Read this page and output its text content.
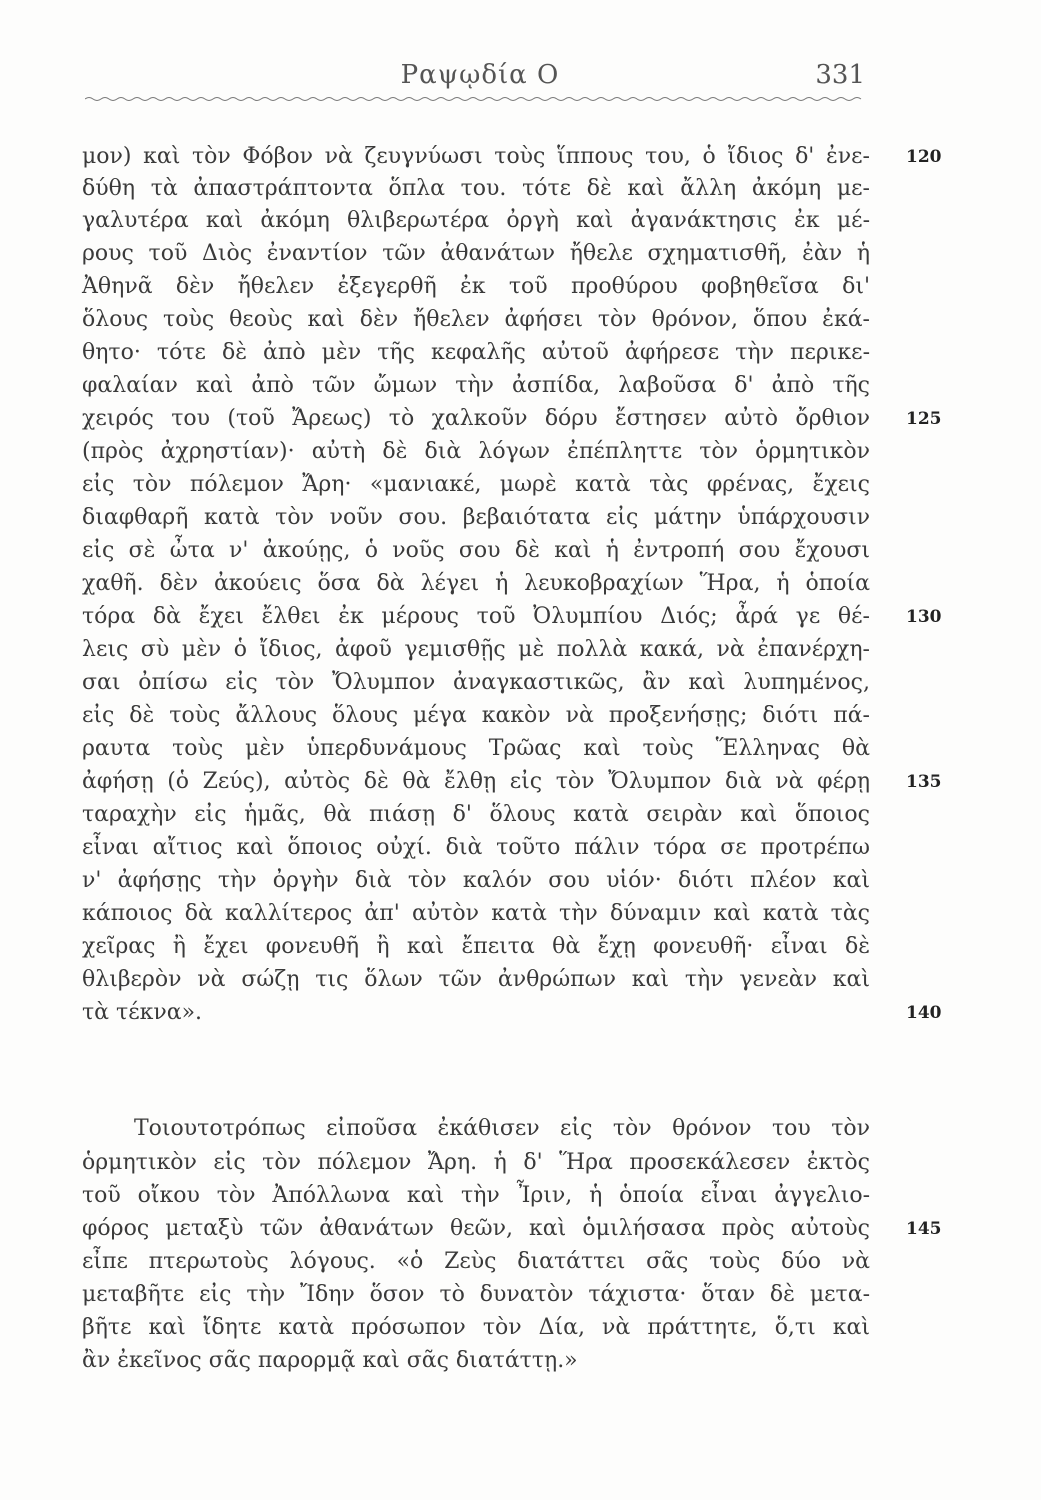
Ραψῳδία Ο	331
μον) καὶ τὸν Φόβον νὰ ζευγνύωσι τοὺς ἵππους του, ὁ ἴδιος δ' ἐνε-
δύθη τὰ ἀπαστράπτοντα ὅπλα του. τότε δὲ καὶ ἄλλη ἀκόμη με-
γαλυτέρα καὶ ἀκόμη θλιβερωτέρα ὀργὴ καὶ ἀγανάκτησις ἐκ μέ-
ρους τοῦ Διὸς ἐναντίον τῶν ἀθανάτων ἤθελε σχηματισθῆ, ἐὰν ἡ
Ἀθηνᾶ δὲν ἤθελεν ἐξεγερθῆ ἐκ τοῦ προθύρου φοβηθεῖσα δι'
ὅλους τοὺς θεοὺς καὶ δὲν ἤθελεν ἀφήσει τὸν θρόνον, ὅπου ἐκά-
θητο· τότε δὲ ἀπὸ μὲν τῆς κεφαλῆς αὐτοῦ ἀφήρεσε τὴν περικε-
φαλαίαν καὶ ἀπὸ τῶν ὤμων τὴν ἀσπίδα, λαβοῦσα δ' ἀπὸ τῆς
χειρός του (τοῦ Ἄρεως) τὸ χαλκοῦν δόρυ ἔστησεν αὐτὸ ὄρθιον
(πρὸς ἀχρηστίαν)· αὐτὴ δὲ διὰ λόγων ἐπέπληττε τὸν ὁρμητικὸν
εἰς τὸν πόλεμον Ἄρη· «μανιακέ, μωρὲ κατὰ τὰς φρένας, ἔχεις
διαφθαρῆ κατὰ τὸν νοῦν σου. βεβαιότατα εἰς μάτην ὑπάρχουσιν
εἰς σὲ ὦτα ν' ἀκούῃς, ὁ νοῦς σου δὲ καὶ ἡ ἐντροπή σου ἔχουσι
χαθῆ. δὲν ἀκούεις ὅσα δὰ λέγει ἡ λευκοβραχίων Ἥρα, ἡ ὁποία
τόρα δὰ ἔχει ἔλθει ἐκ μέρους τοῦ Ὀλυμπίου Διός; ἆρά γε θέ-
λεις σὺ μὲν ὁ ἴδιος, ἀφοῦ γεμισθῇς μὲ πολλὰ κακά, νὰ ἐπανέρχη-
σαι ὀπίσω εἰς τὸν Ὄλυμπον ἀναγκαστικῶς, ἂν καὶ λυπημένος,
εἰς δὲ τοὺς ἄλλους ὅλους μέγα κακὸν νὰ προξενήσῃς; διότι πά-
ραυτα τοὺς μὲν ὑπερδυνάμους Τρῶας καὶ τοὺς Ἕλληνας θὰ
ἀφήσῃ (ὁ Ζεύς), αὐτὸς δὲ θὰ ἔλθῃ εἰς τὸν Ὄλυμπον διὰ νὰ φέρῃ
ταραχὴν εἰς ἡμᾶς, θὰ πιάσῃ δ' ὅλους κατὰ σειρὰν καὶ ὅποιος
εἶναι αἴτιος καὶ ὅποιος οὐχί. διὰ τοῦτο πάλιν τόρα σε προτρέπω
ν' ἀφήσῃς τὴν ὀργὴν διὰ τὸν καλόν σου υἱόν· διότι πλέον καὶ
κάποιος δὰ καλλίτερος ἀπ' αὐτὸν κατὰ τὴν δύναμιν καὶ κατὰ τὰς
χεῖρας ἢ ἔχει φονευθῆ ἢ καὶ ἔπειτα θὰ ἔχῃ φονευθῆ· εἶναι δὲ
θλιβερὸν νὰ σώζῃ τις ὅλων τῶν ἀνθρώπων καὶ τὴν γενεὰν καὶ
τὰ τέκνα».
Τοιουτοτρόπως εἰποῦσα ἐκάθισεν εἰς τὸν θρόνον του τὸν
ὁρμητικὸν εἰς τὸν πόλεμον Ἄρη. ἡ δ' Ἥρα προσεκάλεσεν ἐκτὸς
τοῦ οἴκου τὸν Ἀπόλλωνα καὶ τὴν Ἶριν, ἡ ὁποία εἶναι ἀγγελιο-
φόρος μεταξὺ τῶν ἀθανάτων θεῶν, καὶ ὁμιλήσασα πρὸς αὐτοὺς
εἶπε πτερωτοὺς λόγους. «ὁ Ζεὺς διατάττει σᾶς τοὺς δύο νὰ
μεταβῆτε εἰς τὴν Ἴδην ὅσον τὸ δυνατὸν τάχιστα· ὅταν δὲ μετα-
βῆτε καὶ ἴδητε κατὰ πρόσωπον τὸν Δία, νὰ πράττητε, ὅ,τι καὶ
ἂν ἐκεῖνος σᾶς παρορμᾷ καὶ σᾶς διατάττῃ.»
120
125
130
135
140
145
